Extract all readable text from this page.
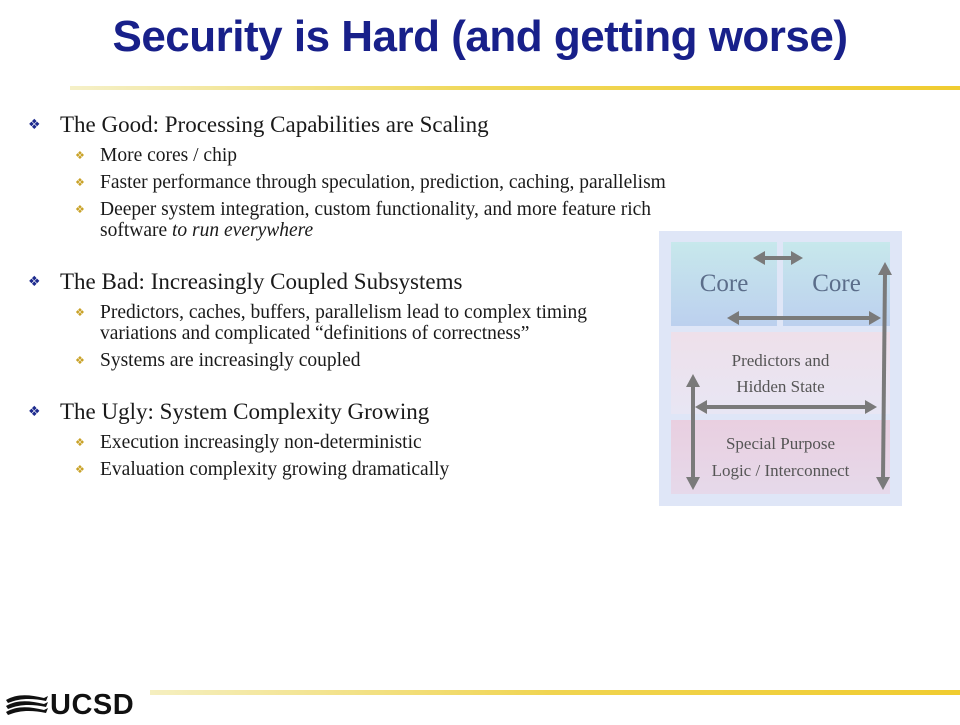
Security is Hard (and getting worse)
❖ The Good: Processing Capabilities are Scaling
❖ More cores / chip
❖ Faster performance through speculation, prediction, caching, parallelism
❖ Deeper system integration, custom functionality, and more feature rich software to run everywhere
❖ The Bad: Increasingly Coupled Subsystems
❖ Predictors, caches, buffers, parallelism lead to complex timing variations and complicated “definitions of correctness”
❖ Systems are increasingly coupled
❖ The Ugly: System Complexity Growing
❖ Execution increasingly non-deterministic
❖ Evaluation complexity growing dramatically
Core	Core
Predictors and
Hidden State
Special Purpose
Logic / Interconnect
UCSD
